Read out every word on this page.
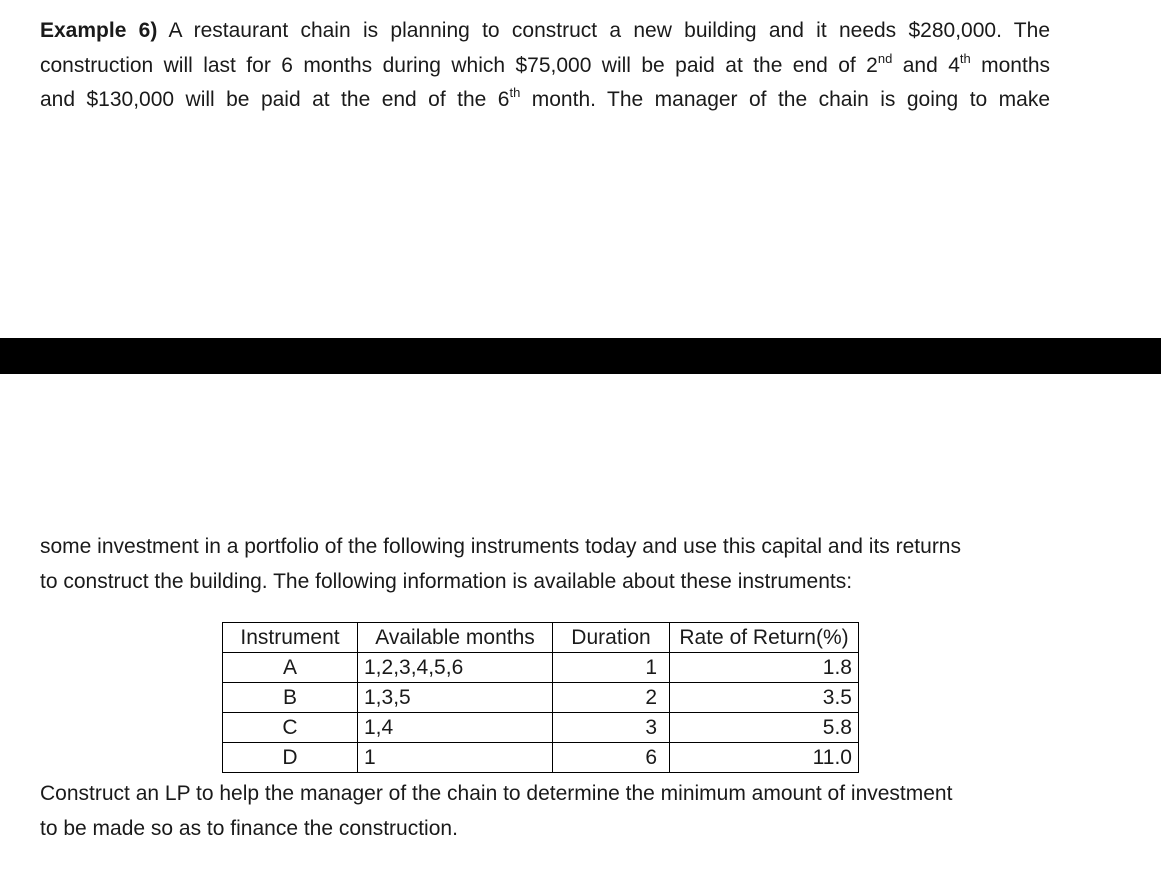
Example 6) A restaurant chain is planning to construct a new building and it needs $280,000. The
construction will last for 6 months during which $75,000 will be paid at the end of 2nd and 4th months
and $130,000 will be paid at the end of the 6th month. The manager of the chain is going to make

some investment in a portfolio of the following instruments today and use this capital and its returns
to construct the building. The following information is available about these instruments:

Instrument	Available months	Duration	Rate of Return(%)
A	1,2,3,4,5,6	1	1.8
B	1,3,5	2	3.5
C	1,4	3	5.8
D	1	6	11.0

Construct an LP to help the manager of the chain to determine the minimum amount of investment
to be made so as to finance the construction.
